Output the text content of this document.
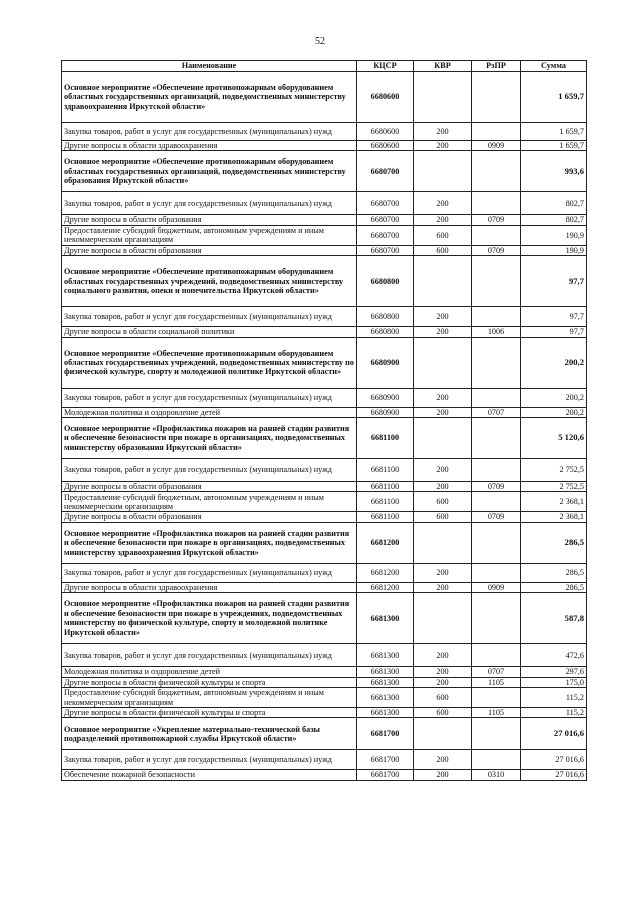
52
Наименование	КЦСР	КВР	РзПР	Сумма
Основное мероприятие «Обеспечение противопожарным оборудованием областных государственных организаций, подведомственных министерству здравоохранения Иркутской области»	6680600			1 659,7
Закупка товаров, работ и услуг для государственных (муниципальных) нужд	6680600	200		1 659,7
Другие вопросы в области здравоохранения	6680600	200	0909	1 659,7
Основное мероприятие «Обеспечение противопожарным оборудованием областных государственных организаций, подведомственных министерству образования Иркутской области»	6680700			993,6
Закупка товаров, работ и услуг для государственных (муниципальных) нужд	6680700	200		802,7
Другие вопросы в области образования	6680700	200	0709	802,7
Предоставление субсидий бюджетным, автономным учреждениям и иным некоммерческим организациям	6680700	600		190,9
Другие вопросы в области образования	6680700	600	0709	190,9
Основное мероприятие «Обеспечение противопожарным оборудованием областных государственных учреждений, подведомственных министерству социального развития, опеки и попечительства Иркутской области»	6680800			97,7
Закупка товаров, работ и услуг для государственных (муниципальных) нужд	6680800	200		97,7
Другие вопросы в области социальной политики	6680800	200	1006	97,7
Основное мероприятие «Обеспечение противопожарным оборудованием областных государственных учреждений, подведомственных министерству по физической культуре, спорту и молодежной политике Иркутской области»	6680900			200,2
Закупка товаров, работ и услуг для государственных (муниципальных) нужд	6680900	200		200,2
Молодежная политика и оздоровление детей	6680900	200	0707	200,2
Основное мероприятие «Профилактика пожаров на ранней стадии развития и обеспечение безопасности при пожаре в организациях, подведомственных министерству образования Иркутской области»	6681100			5 120,6
Закупка товаров, работ и услуг для государственных (муниципальных) нужд	6681100	200		2 752,5
Другие вопросы в области образования	6681100	200	0709	2 752,5
Предоставление субсидий бюджетным, автономным учреждениям и иным некоммерческим организациям	6681100	600		2 368,1
Другие вопросы в области образования	6681100	600	0709	2 368,1
Основное мероприятие «Профилактика пожаров на ранней стадии развития и обеспечение безопасности при пожаре в организациях, подведомственных министерству здравоохранения Иркутской области»	6681200			286,5
Закупка товаров, работ и услуг для государственных (муниципальных) нужд	6681200	200		286,5
Другие вопросы в области здравоохранения	6681200	200	0909	286,5
Основное мероприятие «Профилактика пожаров на ранней стадии развития и обеспечение безопасности при пожаре в учреждениях, подведомственных министерству по физической культуре, спорту и молодежной политике Иркутской области»	6681300			587,8
Закупка товаров, работ и услуг для государственных (муниципальных) нужд	6681300	200		472,6
Молодежная политика и оздоровление детей	6681300	200	0707	297,6
Другие вопросы в области физической культуры и спорта	6681300	200	1105	175,0
Предоставление субсидий бюджетным, автономным учреждениям и иным некоммерческим организациям	6681300	600		115,2
Другие вопросы в области физической культуры и спорта	6681300	600	1105	115,2
Основное мероприятие «Укрепление материально-технической базы подразделений противопожарной службы Иркутской области»	6681700			27 016,6
Закупка товаров, работ и услуг для государственных (муниципальных) нужд	6681700	200		27 016,6
Обеспечение пожарной безопасности	6681700	200	0310	27 016,6
